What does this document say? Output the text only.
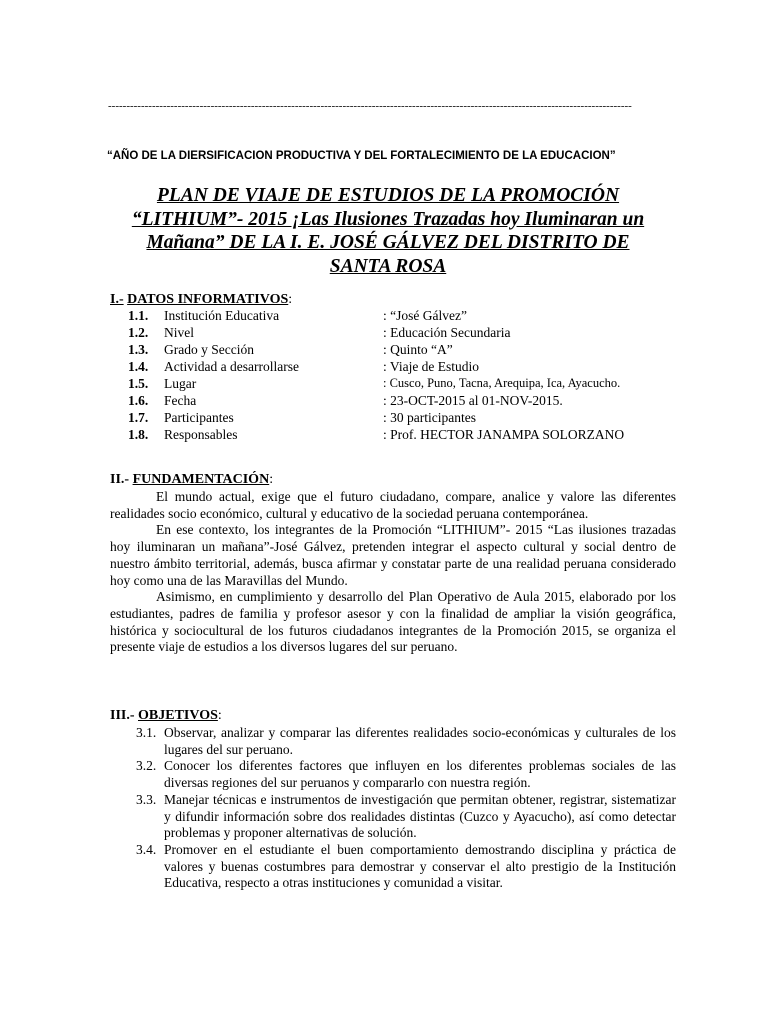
-----------------------------------------------------------------------------------------------------------------------------------------------
“AÑO DE LA DIERSIFICACION PRODUCTIVA Y DEL FORTALECIMIENTO DE LA EDUCACION”
PLAN DE VIAJE DE ESTUDIOS DE LA PROMOCIÓN
“LITHIUM”- 2015 ¡Las Ilusiones Trazadas hoy Iluminaran un
Mañana” DE LA I. E. JOSÉ GÁLVEZ DEL DISTRITO DE
SANTA ROSA
I.- DATOS INFORMATIVOS:
1.1. Institución Educativa	: “José Gálvez”
1.2. Nivel	: Educación Secundaria
1.3. Grado y Sección	: Quinto “A”
1.4. Actividad a desarrollarse	: Viaje de Estudio
1.5. Lugar	: Cusco, Puno, Tacna, Arequipa, Ica, Ayacucho.
1.6. Fecha	: 23-OCT-2015 al 01-NOV-2015.
1.7. Participantes	: 30 participantes
1.8. Responsables	: Prof. HECTOR JANAMPA SOLORZANO
II.- FUNDAMENTACIÓN:

El mundo actual, exige que el futuro ciudadano, compare, analice y valore las diferentes realidades socio económico, cultural y educativo de la sociedad peruana contemporánea.

En ese contexto, los integrantes de la Promoción “LITHIUM”- 2015 “Las ilusiones trazadas hoy iluminaran un mañana”-José Gálvez, pretenden integrar el aspecto cultural y social dentro de nuestro ámbito territorial, además, busca afirmar y constatar parte de una realidad peruana considerado hoy como una de las Maravillas del Mundo.

Asimismo, en cumplimiento y desarrollo del Plan Operativo de Aula 2015, elaborado por los estudiantes, padres de familia y profesor asesor y con la finalidad de ampliar la visión geográfica, histórica y sociocultural de los futuros ciudadanos integrantes de la Promoción 2015, se organiza el presente viaje de estudios a los diversos lugares del sur peruano.

III.- OBJETIVOS:

3.1. Observar, analizar y comparar las diferentes realidades socio-económicas y culturales de los lugares del sur peruano.

3.2. Conocer los diferentes factores que influyen en los diferentes problemas sociales de las diversas regiones del sur peruanos y compararlo con nuestra región.

3.3. Manejar técnicas e instrumentos de investigación que permitan obtener, registrar, sistematizar y difundir información sobre dos realidades distintas (Cuzco y Ayacucho), así como detectar problemas y proponer alternativas de solución.

3.4. Promover en el estudiante el buen comportamiento demostrando disciplina y práctica de valores y buenas costumbres para demostrar y conservar el alto prestigio de la Institución Educativa, respecto a otras instituciones y comunidad a visitar.
